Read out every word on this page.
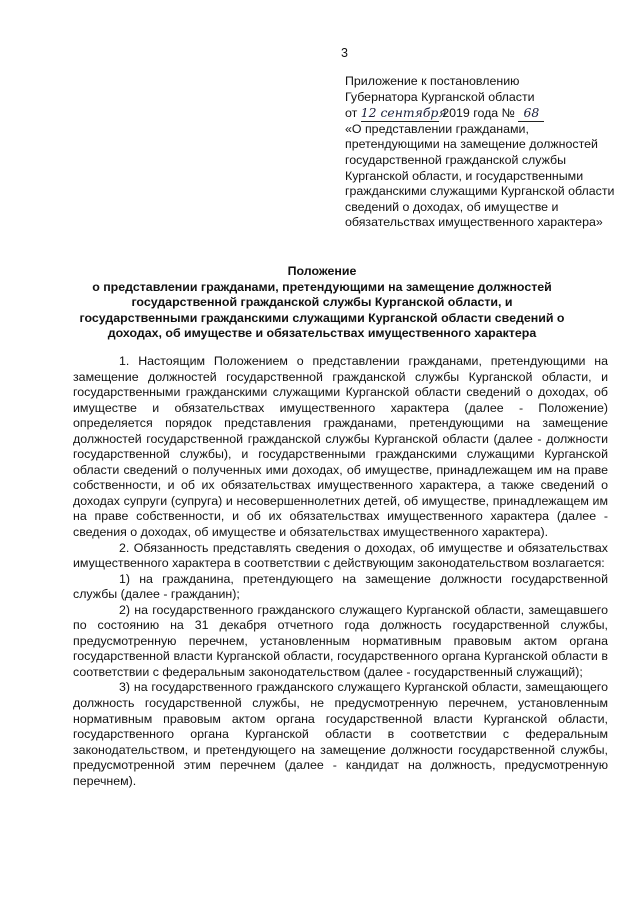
3
Приложение к постановлению
Губернатора Курганской области
от 12 сентября 2019 года № 68
«О представлении гражданами, претендующими на замещение должностей государственной гражданской службы Курганской области, и государственными гражданскими служащими Курганской области сведений о доходах, об имуществе и обязательствах имущественного характера»
Положение
о представлении гражданами, претендующими на замещение должностей государственной гражданской службы Курганской области, и государственными гражданскими служащими Курганской области сведений о доходах, об имуществе и обязательствах имущественного характера

1. Настоящим Положением о представлении гражданами, претендующими на замещение должностей государственной гражданской службы Курганской области, и государственными гражданскими служащими Курганской области сведений о доходах, об имуществе и обязательствах имущественного характера (далее - Положение) определяется порядок представления гражданами, претендующими на замещение должностей государственной гражданской службы Курганской области (далее - должности государственной службы), и государственными гражданскими служащими Курганской области сведений о полученных ими доходах, об имуществе, принадлежащем им на праве собственности, и об их обязательствах имущественного характера, а также сведений о доходах супруги (супруга) и несовершеннолетних детей, об имуществе, принадлежащем им на праве собственности, и об их обязательствах имущественного характера (далее - сведения о доходах, об имуществе и обязательствах имущественного характера).

2. Обязанность представлять сведения о доходах, об имуществе и обязательствах имущественного характера в соответствии с действующим законодательством возлагается:

1) на гражданина, претендующего на замещение должности государственной службы (далее - гражданин);

2) на государственного гражданского служащего Курганской области, замещавшего по состоянию на 31 декабря отчетного года должность государственной службы, предусмотренную перечнем, установленным нормативным правовым актом органа государственной власти Курганской области, государственного органа Курганской области в соответствии с федеральным законодательством (далее - государственный служащий);

3) на государственного гражданского служащего Курганской области, замещающего должность государственной службы, не предусмотренную перечнем, установленным нормативным правовым актом органа государственной власти Курганской области, государственного органа Курганской области в соответствии с федеральным законодательством, и претендующего на замещение должности государственной службы, предусмотренной этим перечнем (далее - кандидат на должность, предусмотренную перечнем).
